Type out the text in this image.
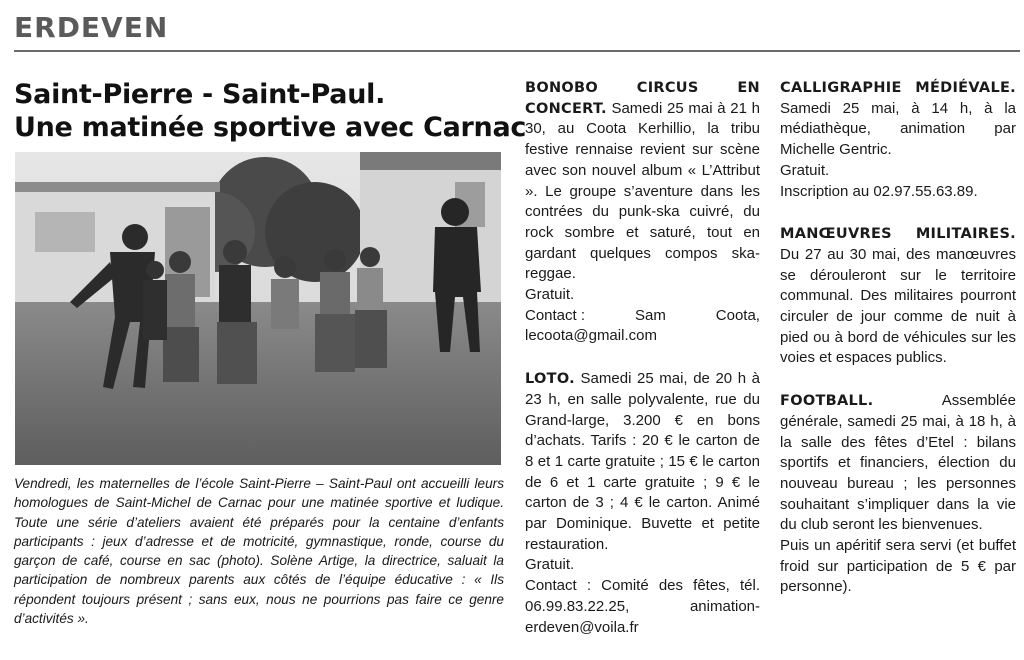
ERDEVEN
Saint-Pierre - Saint-Paul.
Une matinée sportive avec Carnac
Vendredi, les maternelles de l’école Saint-Pierre – Saint-Paul ont accueilli leurs homologues de Saint-Michel de Carnac pour une matinée sportive et ludique. Toute une série d’ateliers avaient été préparés pour la centaine d’enfants participants : jeux d’adresse et de motricité, gymnastique, ronde, course du garçon de café, course en sac (photo). Solène Artige, la directrice, saluait la participation de nombreux parents aux côtés de l’équipe éducative : « Ils répondent toujours présent ; sans eux, nous ne pourrions pas faire ce genre d’activités ».

BONOBO CIRCUS EN CONCERT. Samedi 25 mai à 21 h 30, au Coota Kerhillio, la tribu festive rennaise revient sur scène avec son nouvel album « L’Attribut ». Le groupe s’aventure dans les contrées du punk-ska cuivré, du rock sombre et saturé, tout en gardant quelques compos ska-reggae.

Gratuit.
Contact :	Sam	Coota,
lecoota@gmail.com

LOTO. Samedi 25 mai, de 20 h à 23 h, en salle polyvalente, rue du Grand-large, 3.200 € en bons d’achats. Tarifs : 20 € le carton de 8 et 1 carte gratuite ; 15 € le carton de 6 et 1 carte gratuite ; 9 € le carton de 3 ; 4 € le carton. Animé par Dominique. Buvette et petite restauration.

Gratuit.

Contact : Comité des fêtes, tél. 06.99.83.22.25, animation-erdeven@voila.fr

CALLIGRAPHIE MÉDIÉVALE. Samedi 25 mai, à 14 h, à la médiathèque, animation par Michelle Gentric.

Gratuit.
Inscription au 02.97.55.63.89.

MANŒUVRES MILITAIRES. Du 27 au 30 mai, des manœuvres se dérouleront sur le territoire communal. Des militaires pourront circuler de jour comme de nuit à pied ou à bord de véhicules sur les voies et espaces publics.

FOOTBALL. Assemblée générale, samedi 25 mai, à 18 h, à la salle des fêtes d’Etel : bilans sportifs et financiers, élection du nouveau bureau ; les personnes souhaitant s’impliquer dans la vie du club seront les bienvenues.

Puis un apéritif sera servi (et buffet froid sur participation de 5 € par personne).
